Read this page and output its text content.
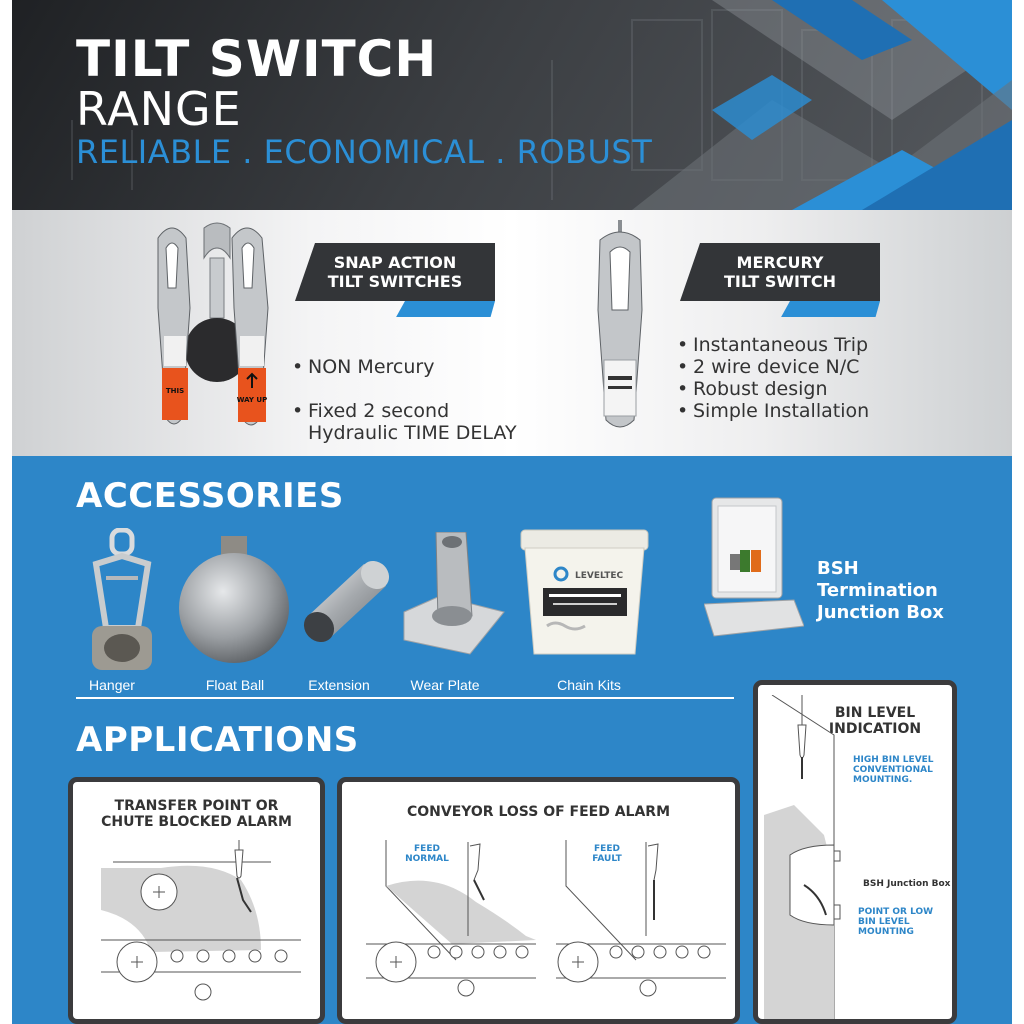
TILT SWITCH
RANGE
RELIABLE . ECONOMICAL . ROBUST
THIS
WAY UP
SNAP ACTION
TILT SWITCHES

• NON Mercury

• Fixed 2 second
Hydraulic TIME DELAY

•

MERCURY
TILT SWITCH
• Instantaneous Trip
• 2 wire device N/C
• Robust design
• Simple Installation
ACCESSORIES
Hanger	Float Ball	Extension	Wear Plate
LEVELTEC
Chain Kits
BSH
Termination
Junction Box
APPLICATIONS
TRANSFER POINT OR
CHUTE BLOCKED ALARM
CONVEYOR LOSS OF FEED ALARM
FEED
NORMAL
FEED
FAULT
BIN LEVEL
INDICATION
HIGH BIN LEVEL
CONVENTIONAL
MOUNTING.
BSH Junction Box
POINT OR LOW
BIN LEVEL
MOUNTING
